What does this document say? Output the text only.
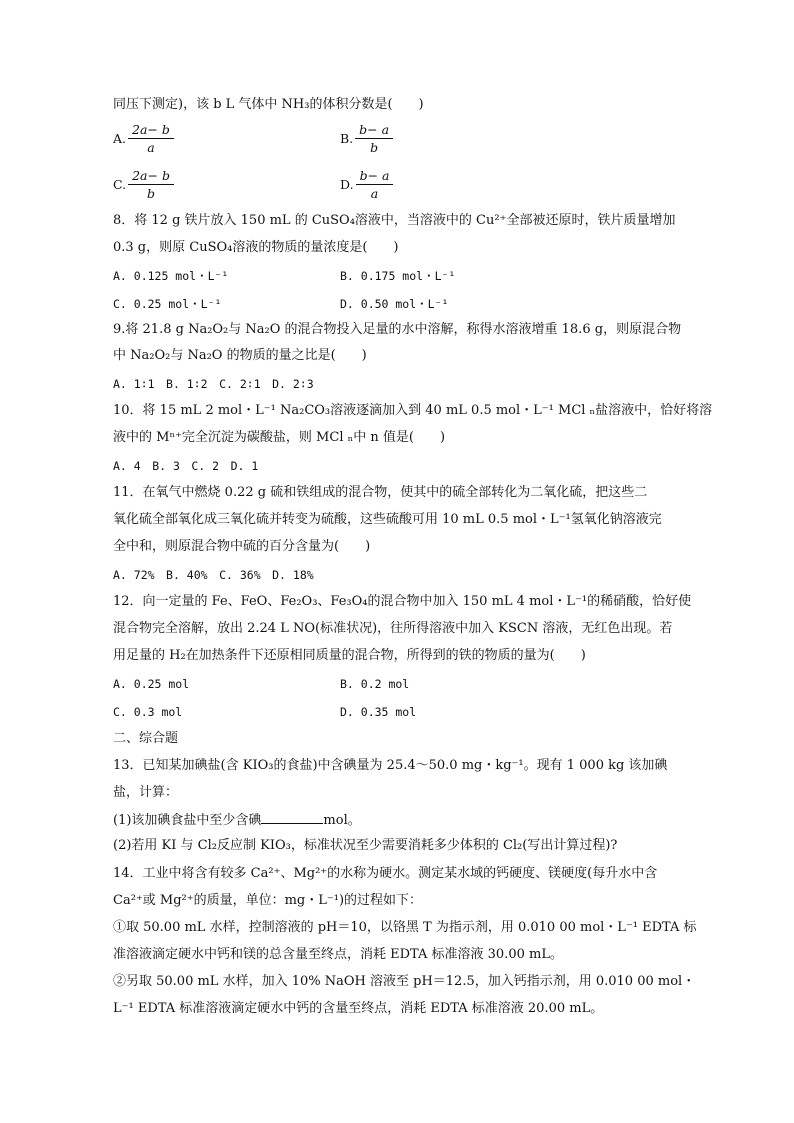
同压下测定)，该 b L 气体中 NH₃的体积分数是(　　)
A. $\frac{2a- b}{a}$	B. $\frac{b- a}{b}$
C. $\frac{2a- b}{b}$	D. $\frac{b- a}{a}$
8．将 12 g 铁片放入 150 mL 的 CuSO₄溶液中，当溶液中的 Cu²⁺全部被还原时，铁片质量增加
0.3 g，则原 CuSO₄溶液的物质的量浓度是(　　)
A. 0.125 mol・L⁻¹	B. 0.175 mol・L⁻¹
C. 0.25 mol・L⁻¹	D. 0.50 mol・L⁻¹
9.将 21.8 g Na₂O₂与 Na₂O 的混合物投入足量的水中溶解，称得水溶液增重 18.6 g，则原混合物
中 Na₂O₂与 Na₂O 的物质的量之比是(　　)
A. 1∶1　B. 1∶2　C. 2∶1　D. 2∶3
10．将 15 mL 2 mol・L⁻¹ Na₂CO₃溶液逐滴加入到 40 mL 0.5 mol・L⁻¹ MCl ₙ盐溶液中，恰好将溶
液中的 Mⁿ⁺完全沉淀为碳酸盐，则 MCl ₙ中 n 值是(　　)
A. 4　B. 3　C. 2　D. 1
11．在氧气中燃烧 0.22 g 硫和铁组成的混合物，使其中的硫全部转化为二氧化硫，把这些二
氧化硫全部氧化成三氧化硫并转变为硫酸，这些硫酸可用 10 mL 0.5 mol・L⁻¹氢氧化钠溶液完
全中和，则原混合物中硫的百分含量为(　　)
A. 72%　B. 40%　C. 36%　D. 18%
12．向一定量的 Fe、FeO、Fe₂O₃、Fe₃O₄的混合物中加入 150 mL 4 mol・L⁻¹的稀硝酸，恰好使
混合物完全溶解，放出 2.24 L NO(标准状况)，往所得溶液中加入 KSCN 溶液，无红色出现。若
用足量的 H₂在加热条件下还原相同质量的混合物，所得到的铁的物质的量为(　　)
A. 0.25 mol	B. 0.2 mol
C. 0.3 mol	D. 0.35 mol
二、综合题
13．已知某加碘盐(含 KIO₃的食盐)中含碘量为 25.4～50.0 mg・kg⁻¹。现有 1 000 kg 该加碘
盐，计算：
(1)该加碘食盐中至少含碘	mol。
(2)若用 KI 与 Cl₂反应制 KIO₃，标准状况至少需要消耗多少体积的 Cl₂(写出计算过程)?
14．工业中将含有较多 Ca²⁺、Mg²⁺的水称为硬水。测定某水域的钙硬度、镁硬度(每升水中含
Ca²⁺或 Mg²⁺的质量，单位：mg・L⁻¹)的过程如下：
①取 50.00 mL 水样，控制溶液的 pH＝10，以铬黑 T 为指示剂，用 0.010 00 mol・L⁻¹ EDTA 标
准溶液滴定硬水中钙和镁的总含量至终点，消耗 EDTA 标准溶液 30.00 mL。
②另取 50.00 mL 水样，加入 10% NaOH 溶液至 pH＝12.5，加入钙指示剂，用 0.010 00 mol・
L⁻¹ EDTA 标准溶液滴定硬水中钙的含量至终点，消耗 EDTA 标准溶液 20.00 mL。
